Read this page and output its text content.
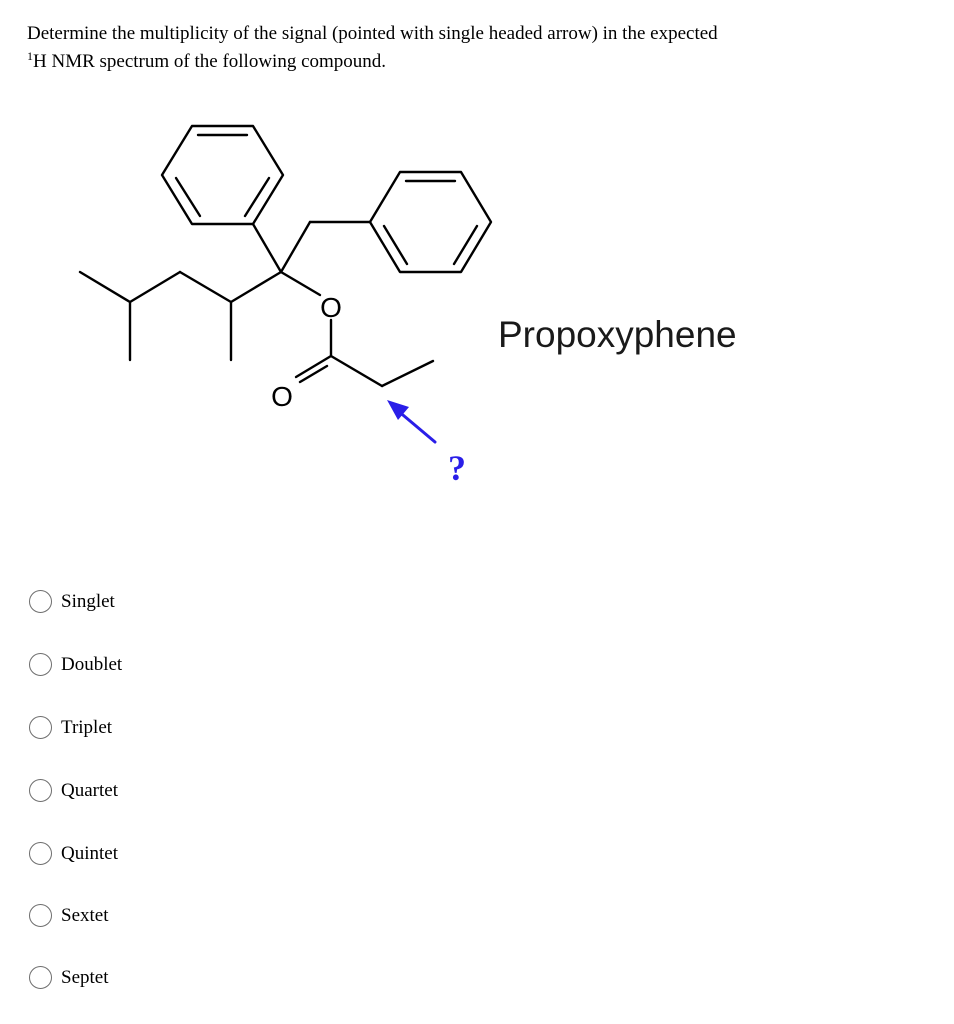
Determine the multiplicity of the signal (pointed with single headed arrow) in the expected
$^1$H NMR spectrum of the following compound.
O
O
?
Propoxyphene
Singlet
Doublet
Triplet
Quartet
Quintet
Sextet
Septet
